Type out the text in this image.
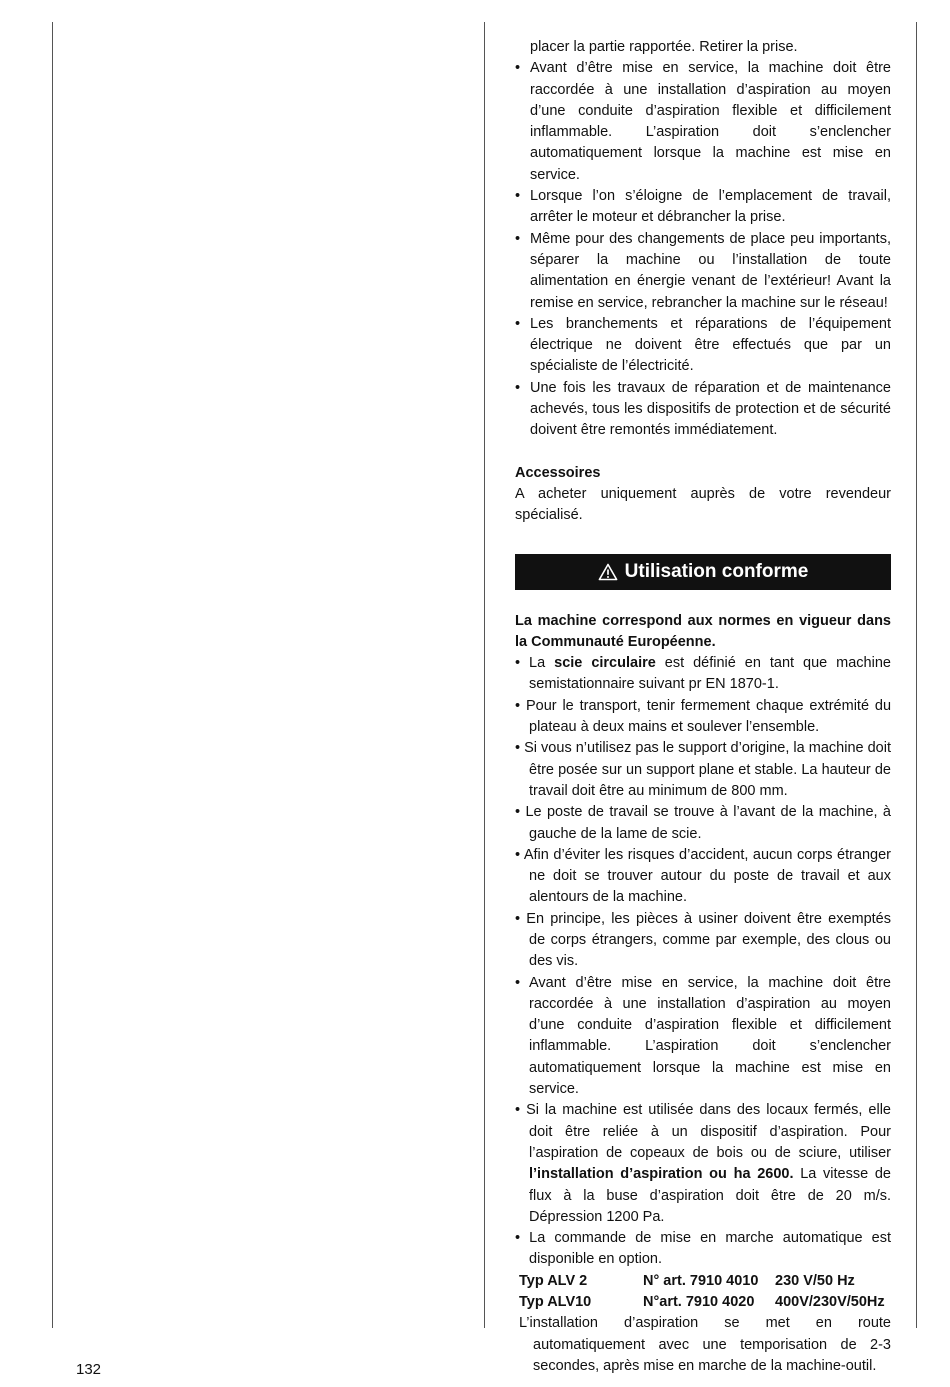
placer la partie rapportée. Retirer la prise.

• Avant d’être mise en service, la machine doit être raccordée à une installation d’aspiration au moyen d’une conduite d’aspiration flexible et difficilement inflammable. L’aspiration doit s’enclencher automatiquement lorsque la machine est mise en service.

• Lorsque l’on s’éloigne de l’emplacement de travail, arrêter le moteur et débrancher la prise.

• Même pour des changements de place peu importants, séparer la machine ou l’installation de toute alimentation en énergie venant de l’extérieur! Avant la remise en service, rebrancher la machine sur le réseau!

• Les branchements et réparations de l’équipement électrique ne doivent être effectués que par un spécialiste de l’électricité.

• Une fois les travaux de réparation et de maintenance achevés, tous les dispositifs de protection et de sécurité doivent être remontés immédiatement.

Accessoires

A acheter uniquement auprès de votre revendeur spécialisé.

Utilisation conforme

La machine correspond aux normes en vigueur dans la Communauté Européenne.

• La scie circulaire est définié en tant que machine semistationnaire suivant pr EN 1870-1.

• Pour le transport, tenir fermement chaque extrémité du plateau à deux mains et soulever l’ensemble.

• Si vous n’utilisez pas le support d’origine, la machine doit être posée sur un support plane et stable. La hauteur de travail doit être au minimum de 800 mm.

• Le poste de travail se trouve à l’avant de la machine, à gauche de la lame de scie.

• Afin d’éviter les risques d’accident, aucun corps étranger ne doit se trouver autour du poste de travail et aux alentours de la machine.

• En principe, les pièces à usiner doivent être exemptés de corps étrangers, comme par exemple, des clous ou des vis.

• Avant d’être mise en service, la machine doit être raccordée à une installation d’aspiration au moyen d’une conduite d’aspiration flexible et difficilement inflammable. L’aspiration doit s’enclencher automatiquement lorsque la machine est mise en service.

• Si la machine est utilisée dans des locaux fermés, elle doit être reliée à un dispositif d’aspiration. Pour l’aspiration de copeaux de bois ou de sciure, utiliser l’installation d’aspiration ou ha 2600. La vitesse de flux à la buse d’aspiration doit être de 20 m/s. Dépression 1200 Pa.

• La commande de mise en marche automatique est disponible en option.

Typ ALV 2	N° art. 7910 4010	230 V/50 Hz
Typ ALV10	N°art. 7910 4020	400V/230V/50Hz

L’installation d’aspiration se met en route automatiquement avec une temporisation de 2-3 secondes, après mise en marche de la machine-outil.

132
